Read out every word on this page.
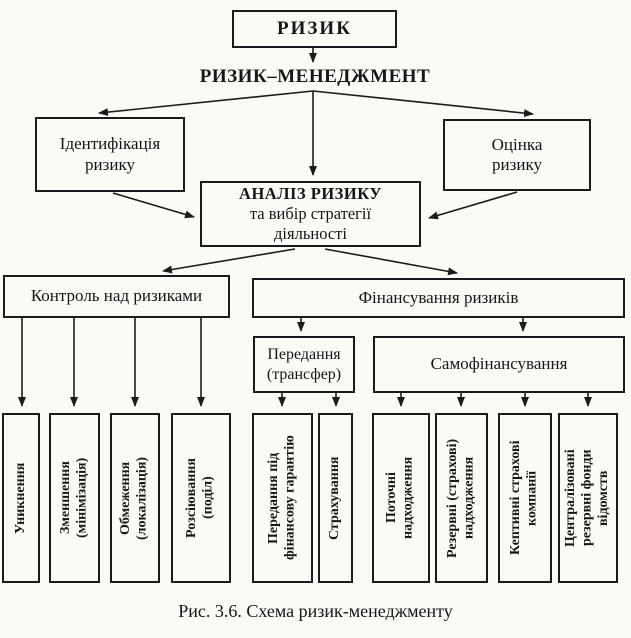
РИЗИК
РИЗИК–МЕНЕДЖМЕНТ
Ідентифікація ризику
Оцінка ризику
АНАЛІЗ РИЗИКУ
та вибір стратегії діяльності
Контроль над ризиками	Фінансування ризиків
Передання (трансфер)
Самофінансування
Уникнення Зменшення (мінімізація) Обмеження (локалізація) Розсіювання (поділ)	Передання під фінансову гарантію Страхування	Поточні надходження Резервні (страхові) надходження Кептивні страхові компанії Централізовані резервні фонди відомств
Рис. 3.6. Схема ризик-менеджменту
